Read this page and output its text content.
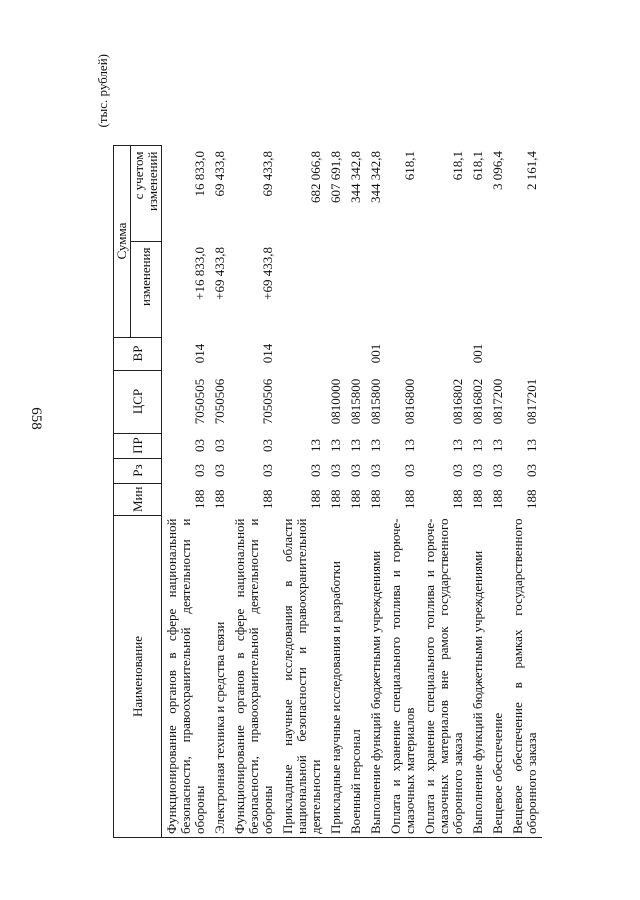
658
(тыс. рублей)
Наименование	Мин	Рз	ПР	ЦСР	ВР	Сумма	
						изменения	с учетом изменений
Функционирование органов в сфере национальной безопасности, правоохранительной деятельности и обороны	188	03	03	7050505	014	+16 833,0	16 833,0
Электронная техника и средства связи	188	03	03	7050506		+69 433,8	69 433,8
Функционирование органов в сфере национальной безопасности, правоохранительной деятельности и обороны	188	03	03	7050506	014	+69 433,8	69 433,8
Прикладные научные исследования в области национальной безопасности и правоохранительной деятельности	188	03	13				682 066,8
Прикладные научные исследования и разработки	188	03	13	0810000			607 691,8
Военный персонал	188	03	13	0815800			344 342,8
Выполнение функций бюджетными учреждениями	188	03	13	0815800	001		344 342,8
Оплата и хранение специального топлива и горюче-смазочных материалов	188	03	13	0816800			618,1
Оплата и хранение специального топлива и горюче-смазочных материалов вне рамок государственного оборонного заказа	188	03	13	0816802			618,1
Выполнение функций бюджетными учреждениями	188	03	13	0816802	001		618,1
Вещевое обеспечение	188	03	13	0817200			3 096,4
Вещевое обеспечение в рамках государственного оборонного заказа	188	03	13	0817201			2 161,4
